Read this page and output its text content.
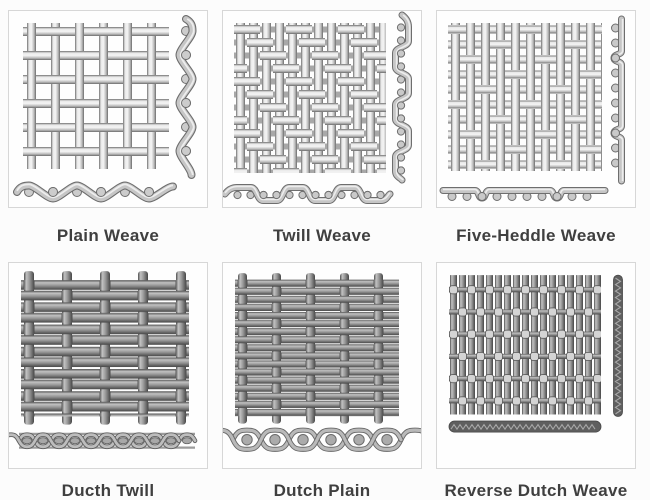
Plain Weave	Twill Weave	Five-Heddle Weave
Ducth Twill	Dutch Plain	Reverse Dutch Weave
